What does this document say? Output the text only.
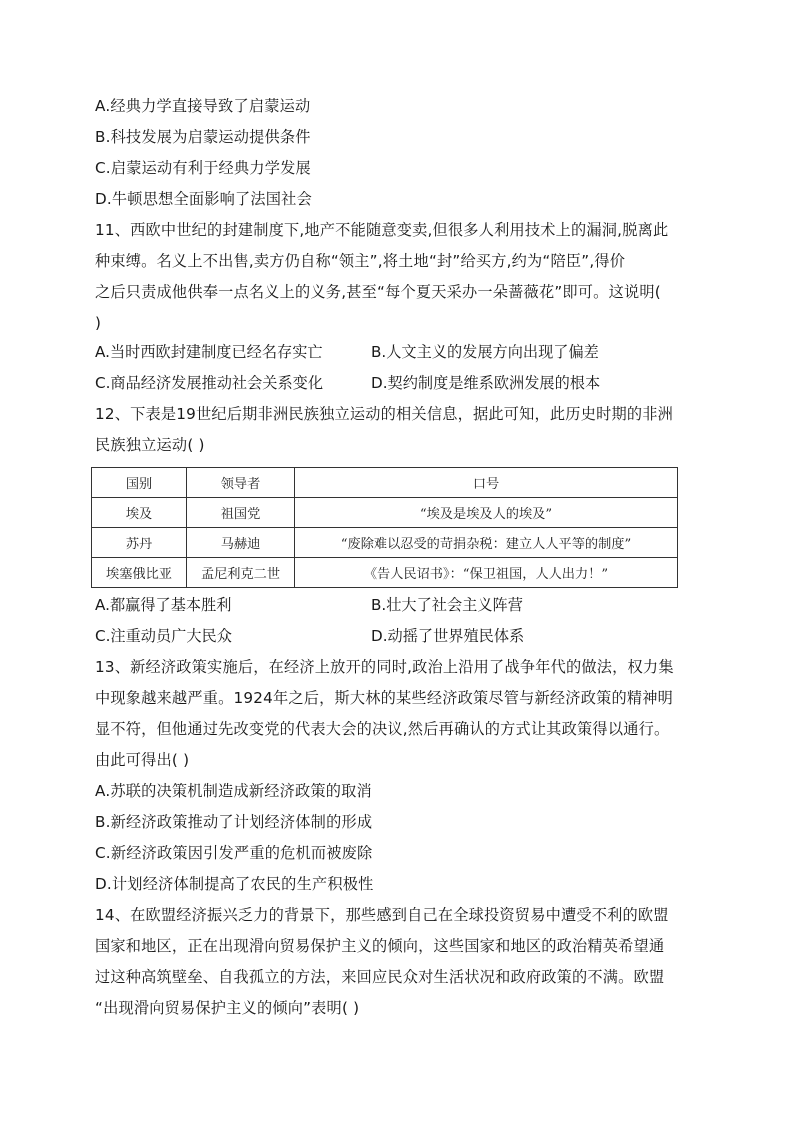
A.经典力学直接导致了启蒙运动
B.科技发展为启蒙运动提供条件
C.启蒙运动有利于经典力学发展
D.牛顿思想全面影响了法国社会
11、西欧中世纪的封建制度下,地产不能随意变卖,但很多人利用技术上的漏洞,脱离此
种束缚。名义上不出售,卖方仍自称“领主”,将土地“封”给买方,约为“陪臣”,得价
之后只责成他供奉一点名义上的义务,甚至“每个夏天采办一朵蔷薇花”即可。这说明(
)
A.当时西欧封建制度已经名存实亡	B.人文主义的发展方向出现了偏差
C.商品经济发展推动社会关系变化	D.契约制度是维系欧洲发展的根本
12、下表是19世纪后期非洲民族独立运动的相关信息，据此可知，此历史时期的非洲
民族独立运动( )
国别	领导者	口号
埃及	祖国党	“埃及是埃及人的埃及”
苏丹	马赫迪	“废除难以忍受的苛捐杂税：建立人人平等的制度”
埃塞俄比亚	孟尼利克二世	《告人民诏书》：“保卫祖国，人人出力！”
A.都赢得了基本胜利	B.壮大了社会主义阵营
C.注重动员广大民众	D.动摇了世界殖民体系
13、新经济政策实施后，在经济上放开的同时,政治上沿用了战争年代的做法，权力集
中现象越来越严重。1924年之后，斯大林的某些经济政策尽管与新经济政策的精神明
显不符，但他通过先改变党的代表大会的决议,然后再确认的方式让其政策得以通行。
由此可得出( )
A.苏联的决策机制造成新经济政策的取消
B.新经济政策推动了计划经济体制的形成
C.新经济政策因引发严重的危机而被废除
D.计划经济体制提高了农民的生产积极性
14、在欧盟经济振兴乏力的背景下，那些感到自己在全球投资贸易中遭受不利的欧盟
国家和地区，正在出现滑向贸易保护主义的倾向，这些国家和地区的政治精英希望通
过这种高筑壁垒、自我孤立的方法，来回应民众对生活状况和政府政策的不满。欧盟
“出现滑向贸易保护主义的倾向”表明( )
